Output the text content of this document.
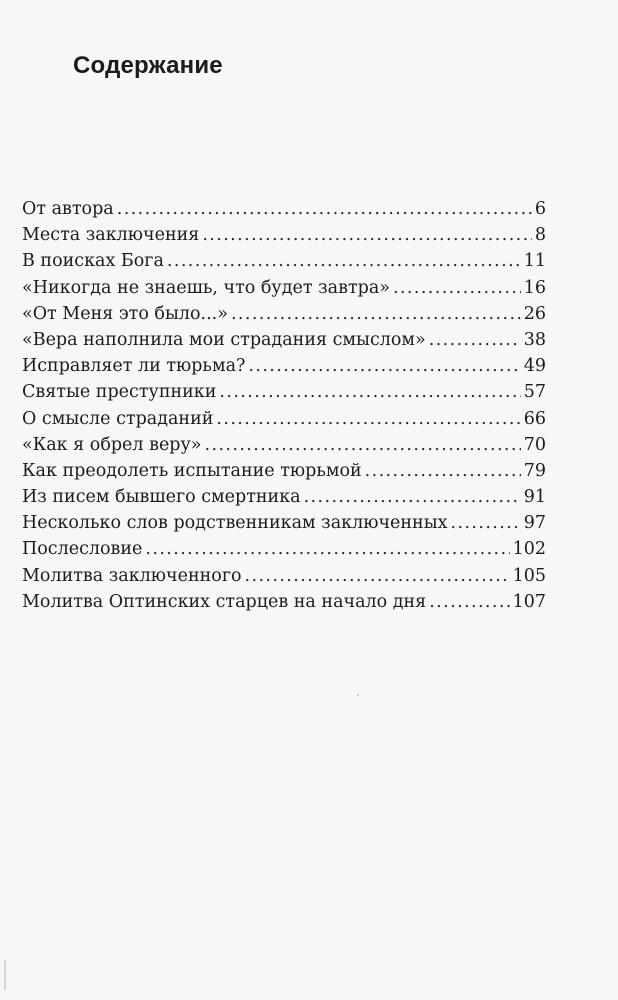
Содержание
От автора .....	6
Места заключения .....	8
В поисках Бога .....	11
«Никогда не знаешь, что будет завтра» .....	16
«От Меня это было...» .....	26
«Вера наполнила мои страдания смыслом» .....	38
Исправляет ли тюрьма? .....	49
Святые преступники .....	57
О смысле страданий .....	66
«Как я обрел веру» .....	70
Как преодолеть испытание тюрьмой .....	79
Из писем бывшего смертника .....	91
Несколько слов родственникам заключенных .....	97
Послесловие .....	102
Молитва заключенного .....	105
Молитва Оптинских старцев на начало дня .....	107
